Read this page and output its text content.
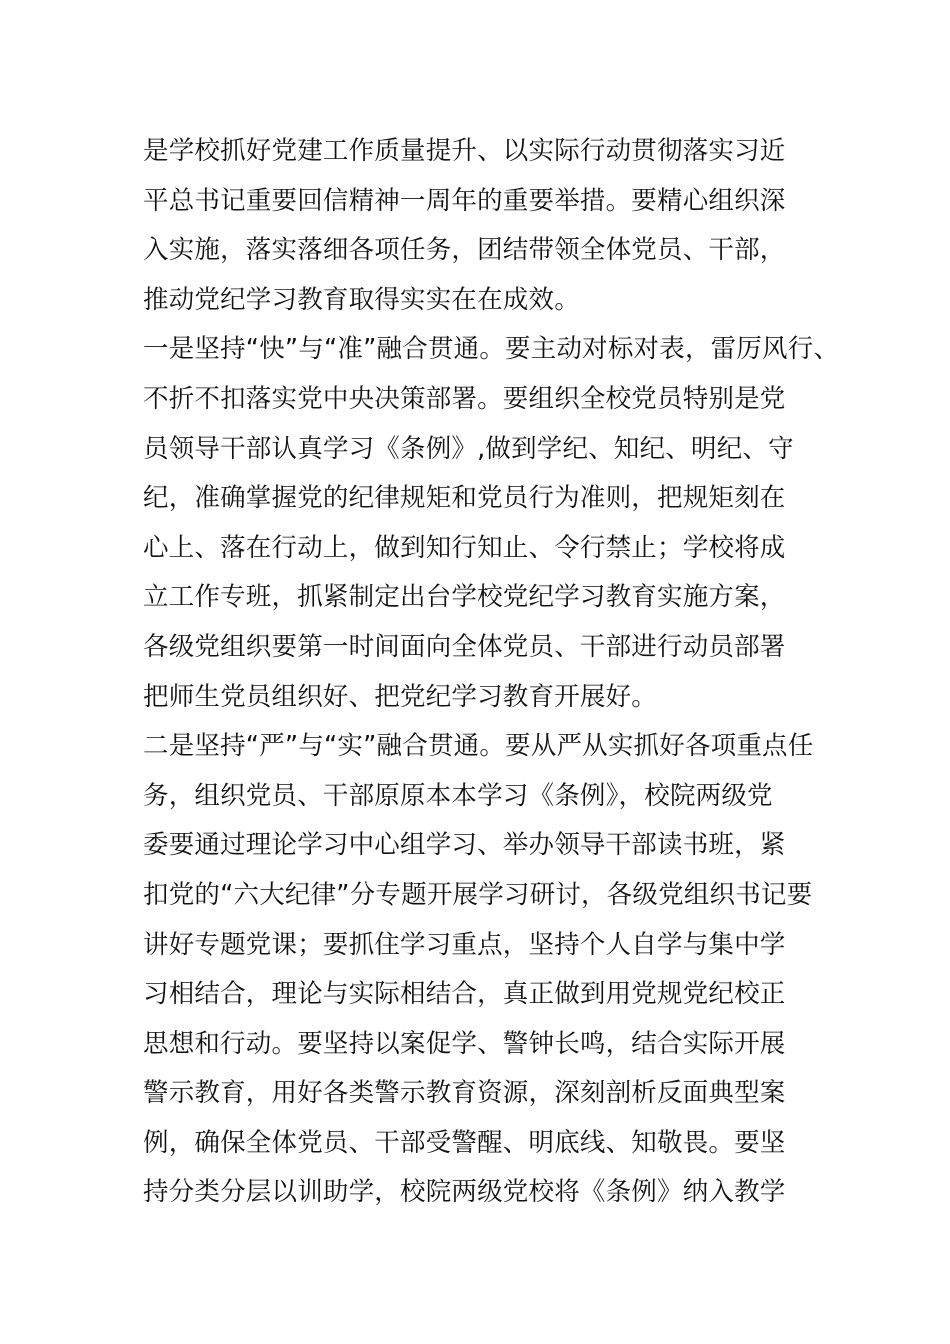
是学校抓好党建工作质量提升、以实际行动贯彻落实习近
平总书记重要回信精神一周年的重要举措。要精心组织深
入实施，落实落细各项任务，团结带领全体党员、干部，
推动党纪学习教育取得实实在在成效。
一是坚持“快”与“准”融合贯通。要主动对标对表，雷厉风行、
不折不扣落实党中央决策部署。要组织全校党员特别是党
员领导干部认真学习《条例》,做到学纪、知纪、明纪、守
纪，准确掌握党的纪律规矩和党员行为准则，把规矩刻在
心上、落在行动上，做到知行知止、令行禁止；学校将成
立工作专班，抓紧制定出台学校党纪学习教育实施方案，
各级党组织要第一时间面向全体党员、干部进行动员部署
把师生党员组织好、把党纪学习教育开展好。
二是坚持“严”与“实”融合贯通。要从严从实抓好各项重点任
务，组织党员、干部原原本本学习《条例》，校院两级党
委要通过理论学习中心组学习、举办领导干部读书班，紧
扣党的“六大纪律”分专题开展学习研讨，各级党组织书记要
讲好专题党课；要抓住学习重点，坚持个人自学与集中学
习相结合，理论与实际相结合，真正做到用党规党纪校正
思想和行动。要坚持以案促学、警钟长鸣，结合实际开展
警示教育，用好各类警示教育资源，深刻剖析反面典型案
例，确保全体党员、干部受警醒、明底线、知敬畏。要坚
持分类分层以训助学，校院两级党校将《条例》纳入教学
